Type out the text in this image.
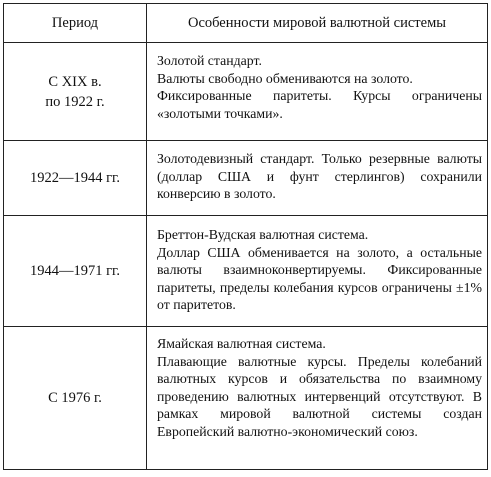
Период	Особенности мировой валютной системы

С XIX в.
по 1922 г.	Золотой стандарт.
Валюты свободно обмениваются на золото.
Фиксированные паритеты. Курсы ограничены «золотыми точками».

1922—1944 гг.	Золотодевизный стандарт. Только резервные валюты (доллар США и фунт стерлингов) сохранили конверсию в золото.

1944—1971 гг.	Бреттон-Вудская валютная система.
Доллар США обменивается на золото, а остальные валюты взаимноконвертируемы. Фиксированные паритеты, пределы колебания курсов ограничены ±1% от паритетов.

С 1976 г.	Ямайская валютная система.
Плавающие валютные курсы. Пределы колебаний валютных курсов и обязательства по взаимному проведению валютных интервенций отсутствуют. В рамках мировой валютной системы создан Европейский валютно-экономический союз.
